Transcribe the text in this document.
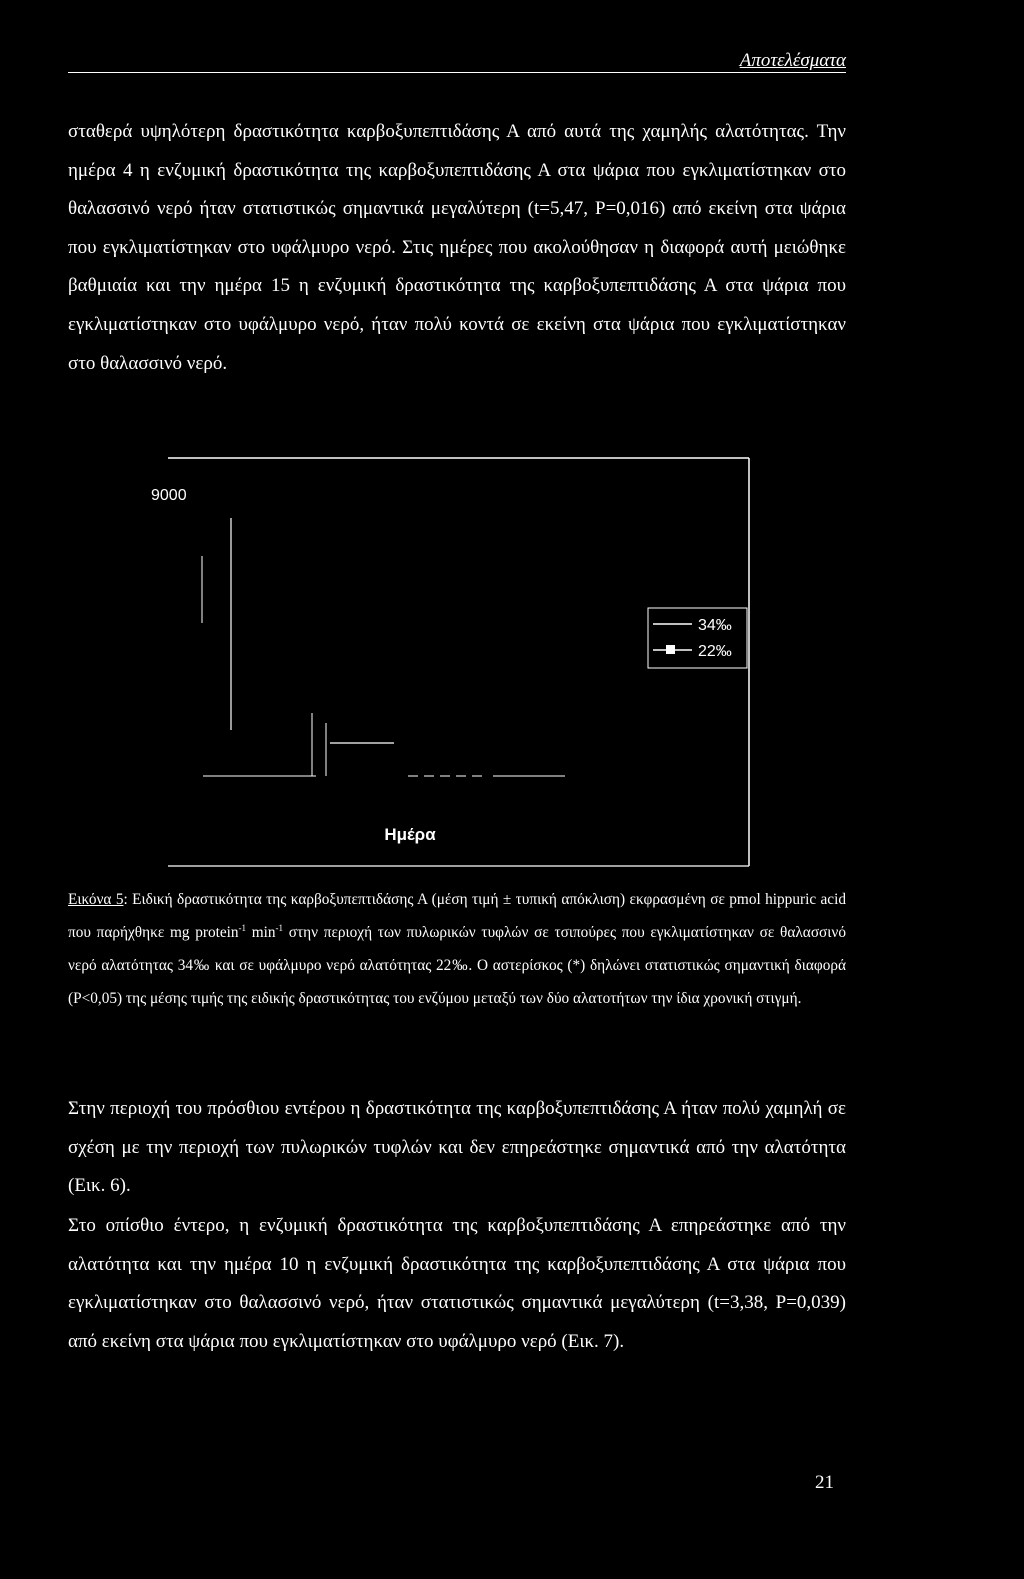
Αποτελέσματα

σταθερά υψηλότερη δραστικότητα καρβοξυπεπτιδάσης Α από αυτά της χαμηλής αλατότητας. Την ημέρα 4 η ενζυμική δραστικότητα της καρβοξυπεπτιδάσης Α στα ψάρια που εγκλιματίστηκαν στο θαλασσινό νερό ήταν στατιστικώς σημαντικά μεγαλύτερη (t=5,47, P=0,016) από εκείνη στα ψάρια που εγκλιματίστηκαν στο υφάλμυρο νερό. Στις ημέρες που ακολούθησαν η διαφορά αυτή μειώθηκε βαθμιαία και την ημέρα 15 η ενζυμική δραστικότητα της καρβοξυπεπτιδάσης Α στα ψάρια που εγκλιματίστηκαν στο υφάλμυρο νερό, ήταν πολύ κοντά σε εκείνη στα ψάρια που εγκλιματίστηκαν στο θαλασσινό νερό.

9000
34‰
22‰
Ημέρα
Εικόνα 5: Ειδική δραστικότητα της καρβοξυπεπτιδάσης Α (μέση τιμή ± τυπική απόκλιση) εκφρασμένη σε pmol hippuric acid που παρήχθηκε mg protein$^{-1}$ $\min^{-1} \sigma\tau\eta\nu$ περιοχή των πυλωρικών τυφλών σε τσιπούρες που εγκλιματίστηκαν σε θαλασσινό νερό αλατότητας 34‰ και σε υφάλμυρο νερό αλατότητας 22‰. Ο αστερίσκος (*) δηλώνει στατιστικώς σημαντική διαφορά (P<0,05) της μέσης τιμής της ειδικής δραστικότητας του ενζύμου μεταξύ των δύο αλατοτήτων την ίδια χρονική στιγμή.

Στην περιοχή του πρόσθιου εντέρου η δραστικότητα της καρβοξυπεπτιδάσης Α ήταν πολύ χαμηλή σε σχέση με την περιοχή των πυλωρικών τυφλών και δεν επηρεάστηκε σημαντικά από την αλατότητα (Εικ. 6).

Στο οπίσθιο έντερο, η ενζυμική δραστικότητα της καρβοξυπεπτιδάσης Α επηρεάστηκε από την αλατότητα και την ημέρα 10 η ενζυμική δραστικότητα της καρβοξυπεπτιδάσης Α στα ψάρια που εγκλιματίστηκαν στο θαλασσινό νερό, ήταν στατιστικώς σημαντικά μεγαλύτερη (t=3,38, P=0,039) από εκείνη στα ψάρια που εγκλιματίστηκαν στο υφάλμυρο νερό (Εικ. 7).

21
